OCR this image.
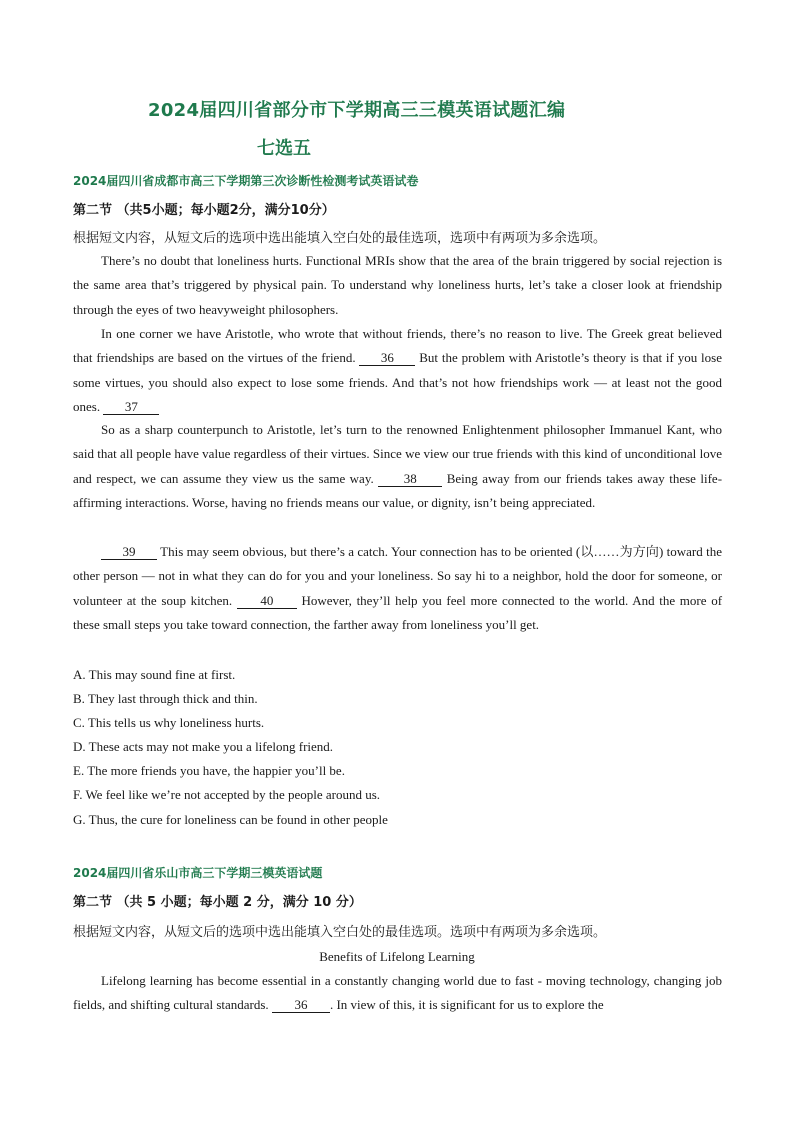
2024届四川省部分市下学期高三三模英语试题汇编
七选五
2024届四川省成都市高三下学期第三次诊断性检测考试英语试卷
第二节 （共5小题；每小题2分，满分10分）
根据短文内容，从短文后的选项中选出能填入空白处的最佳选项，选项中有两项为多余选项。

There’s no doubt that loneliness hurts. Functional MRIs show that the area of the brain triggered by social rejection is the same area that’s triggered by physical pain. To understand why loneliness hurts, let’s take a closer look at friendship through the eyes of two heavyweight philosophers.

In one corner we have Aristotle, who wrote that without friends, there’s no reason to live. The Greek great believed that friendships are based on the virtues of the friend. 36 But the problem with Aristotle’s theory is that if you lose some virtues, you should also expect to lose some friends. And that’s not how friendships work — at least not the good ones. 37

So as a sharp counterpunch to Aristotle, let’s turn to the renowned Enlightenment philosopher Immanuel Kant, who said that all people have value regardless of their virtues. Since we view our true friends with this kind of unconditional love and respect, we can assume they view us the same way. 38 Being away from our friends takes away these life-affirming interactions. Worse, having no friends means our value, or dignity, isn’t being appreciated.

39 This may seem obvious, but there’s a catch. Your connection has to be oriented (以……为方向) toward the other person — not in what they can do for you and your loneliness. So say hi to a neighbor, hold the door for someone, or volunteer at the soup kitchen. 40 However, they’ll help you feel more connected to the world. And the more of these small steps you take toward connection, the farther away from loneliness you’ll get.

A. This may sound fine at first.
B. They last through thick and thin.
C. This tells us why loneliness hurts.
D. These acts may not make you a lifelong friend.
E. The more friends you have, the happier you’ll be.
F. We feel like we’re not accepted by the people around us.
G. Thus, the cure for loneliness can be found in other people
2024届四川省乐山市高三下学期三模英语试题
第二节 （共 5 小题；每小题 2 分，满分 10 分）
根据短文内容，从短文后的选项中选出能填入空白处的最佳选项。选项中有两项为多余选项。
Benefits of Lifelong Learning

Lifelong learning has become essential in a constantly changing world due to fast - moving technology, changing job fields, and shifting cultural standards. 36 . In view of this, it is significant for us to explore the
